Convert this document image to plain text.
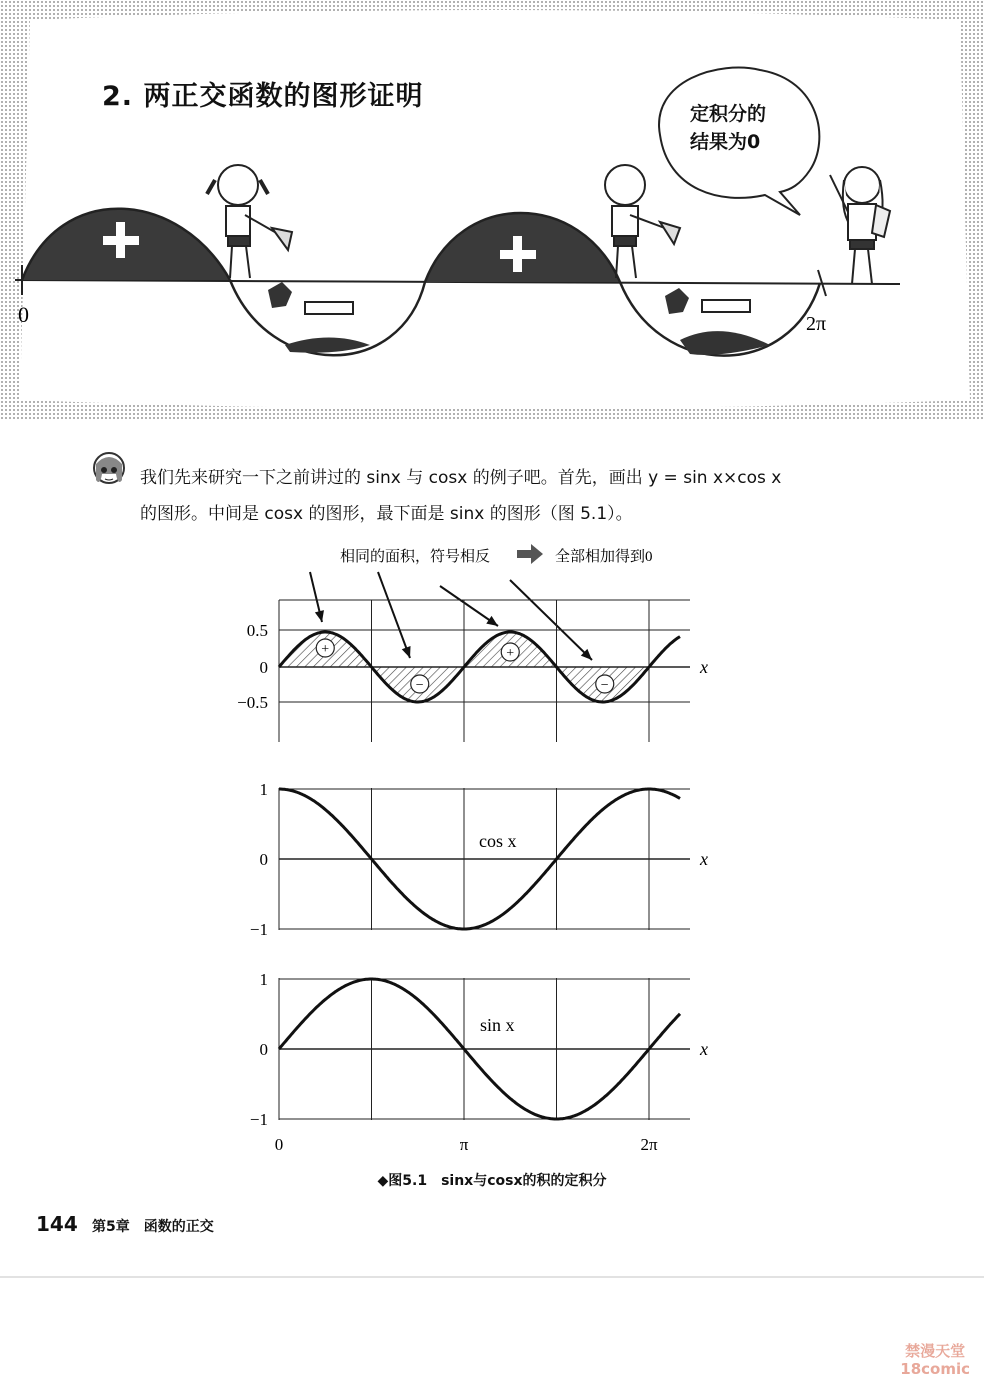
0	2π
2. 两正交函数的图形证明
定积分的
结果为0
我们先来研究一下之前讲过的 sinx 与 cosx 的例子吧。首先，画出 y = sin x×cos x
的图形。中间是 cosx 的图形，最下面是 sinx 的图形（图 5.1）。
相同的面积，符号相反	全部相加得到0
0.5
0
−0.5
x
+
−
+
−
1
0
−1
x
cos x
1
0
−1
x
sin x
0	π	2π
◆图5.1　sinx与cosx的积的定积分
144 第5章　函数的正交
禁漫天堂
18comic
